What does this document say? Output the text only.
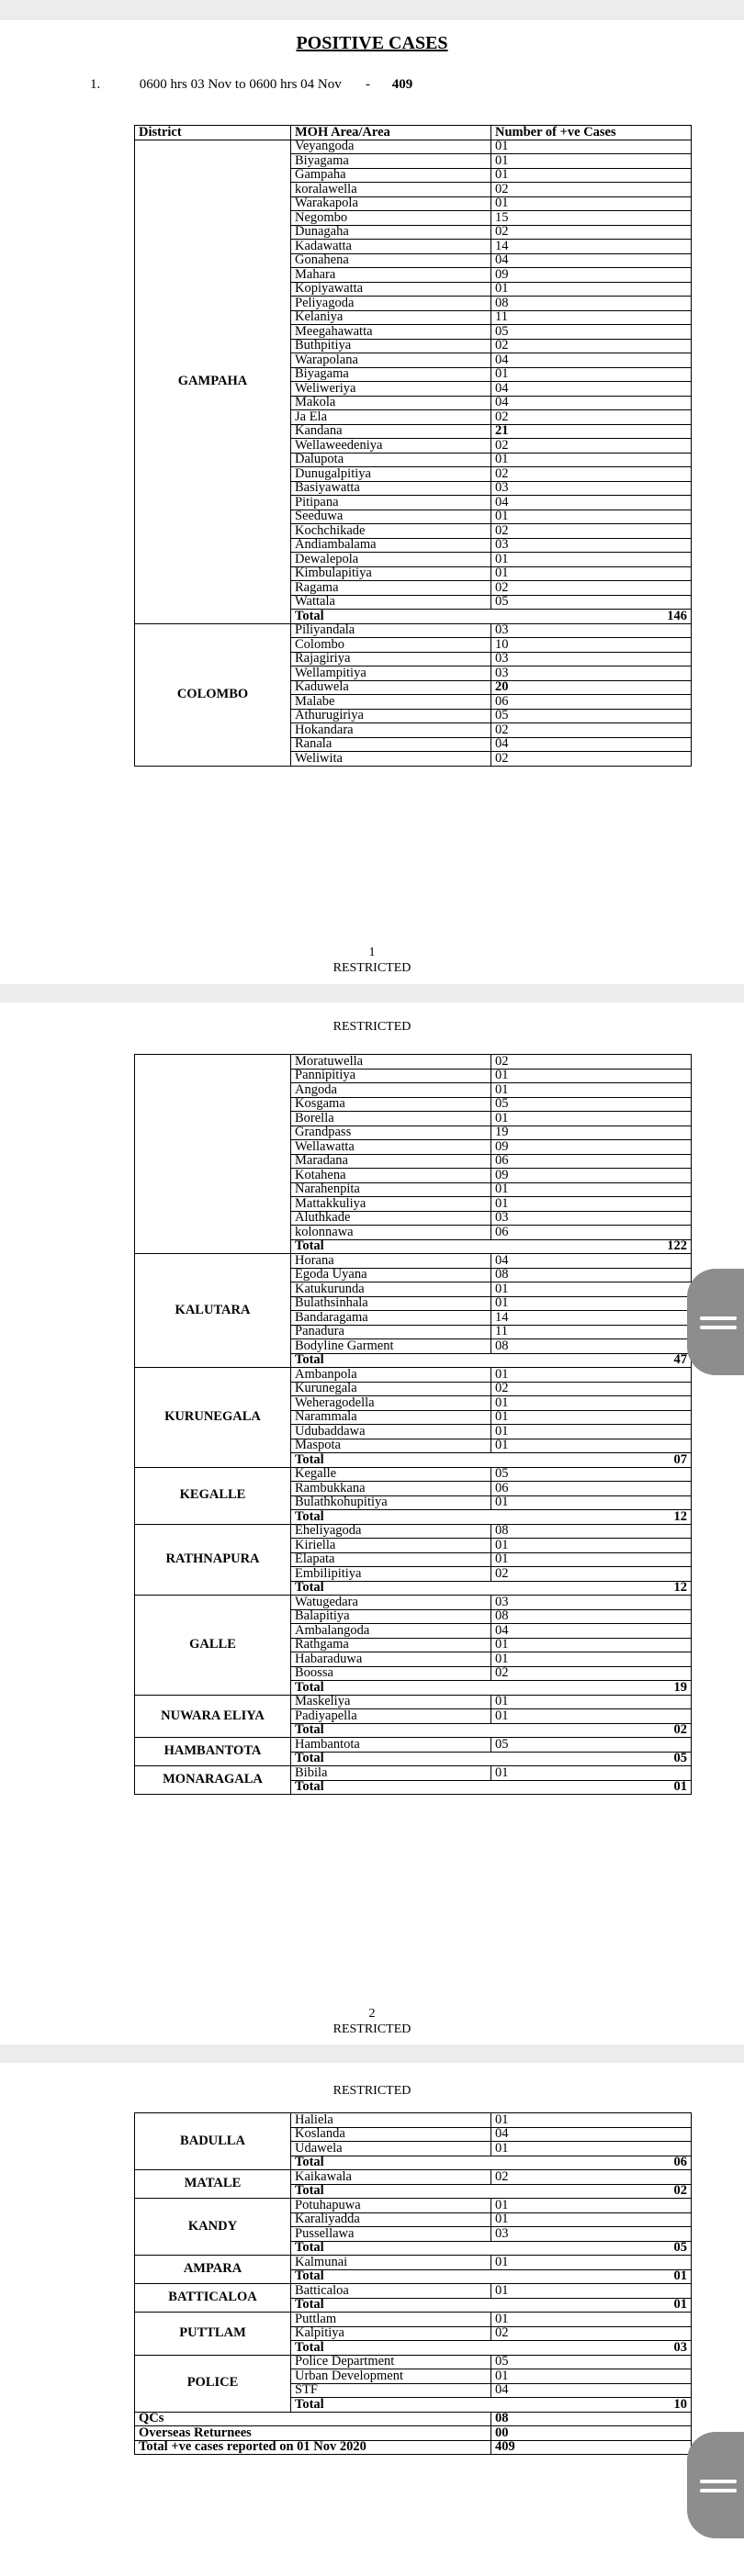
POSITIVE CASES
1.	0600 hrs 03 Nov to 0600 hrs 04 Nov - 409
District	MOH Area/Area	Number of +ve Cases
GAMPAHA	Veyangoda	01
	Biyagama	01
	Gampaha	01
	koralawella	02
	Warakapola	01
	Negombo	15
	Dunagaha	02
	Kadawatta	14
	Gonahena	04
	Mahara	09
	Kopiyawatta	01
	Peliyagoda	08
	Kelaniya	11
	Meegahawatta	05
	Buthpitiya	02
	Warapolana	04
	Biyagama	01
	Weliweriya	04
	Makola	04
	Ja Ela	02
	Kandana	21
	Wellaweedeniya	02
	Dalupota	01
	Dunugalpitiya	02
	Basiyawatta	03
	Pitipana	04
	Seeduwa	01
	Kochchikade	02
	Andiambalama	03
	Dewalepola	01
	Kimbulapitiya	01
	Ragama	02
	Wattala	05
	Total	146
COLOMBO	Piliyandala	03
	Colombo	10
	Rajagiriya	03
	Wellampitiya	03
	Kaduwela	20
	Malabe	06
	Athurugiriya	05
	Hokandara	02
	Ranala	04
	Weliwita	02
1
RESTRICTED
RESTRICTED
	Moratuwella	02
	Pannipitiya	01
	Angoda	01
	Kosgama	05
	Borella	01
	Grandpass	19
	Wellawatta	09
	Maradana	06
	Kotahena	09
	Narahenpita	01
	Mattakkuliya	01
	Aluthkade	03
	kolonnawa	06
	Total	122
KALUTARA	Horana	04
	Egoda Uyana	08
	Katukurunda	01
	Bulathsinhala	01
	Bandaragama	14
	Panadura	11
	Bodyline Garment	08
	Total	47
KURUNEGALA	Ambanpola	01
	Kurunegala	02
	Weheragodella	01
	Narammala	01
	Udubaddawa	01
	Maspota	01
	Total	07
KEGALLE	Kegalle	05
	Rambukkana	06
	Bulathkohupitiya	01
	Total	12
RATHNAPURA	Eheliyagoda	08
	Kiriella	01
	Elapata	01
	Embilipitiya	02
	Total	12
GALLE	Watugedara	03
	Balapitiya	08
	Ambalangoda	04
	Rathgama	01
	Habaraduwa	01
	Boossa	02
	Total	19
NUWARA ELIYA	Maskeliya	01
	Padiyapella	01
	Total	02
HAMBANTOTA	Hambantota	05
	Total	05
MONARAGALA	Bibila	01
	Total	01
2
RESTRICTED
RESTRICTED
BADULLA	Haliela	01
	Koslanda	04
	Udawela	01
	Total	06
MATALE	Kaikawala	02
	Total	02
KANDY	Potuhapuwa	01
	Karaliyadda	01
	Pussellawa	03
	Total	05
AMPARA	Kalmunai	01
	Total	01
BATTICALOA	Batticaloa	01
	Total	01
PUTTLAM	Puttlam	01
	Kalpitiya	02
	Total	03
POLICE	Police Department	05
	Urban Development	01
	STF	04
	Total	10
QCs		08
Overseas Returnees		00
Total +ve cases reported on 01 Nov 2020		409
